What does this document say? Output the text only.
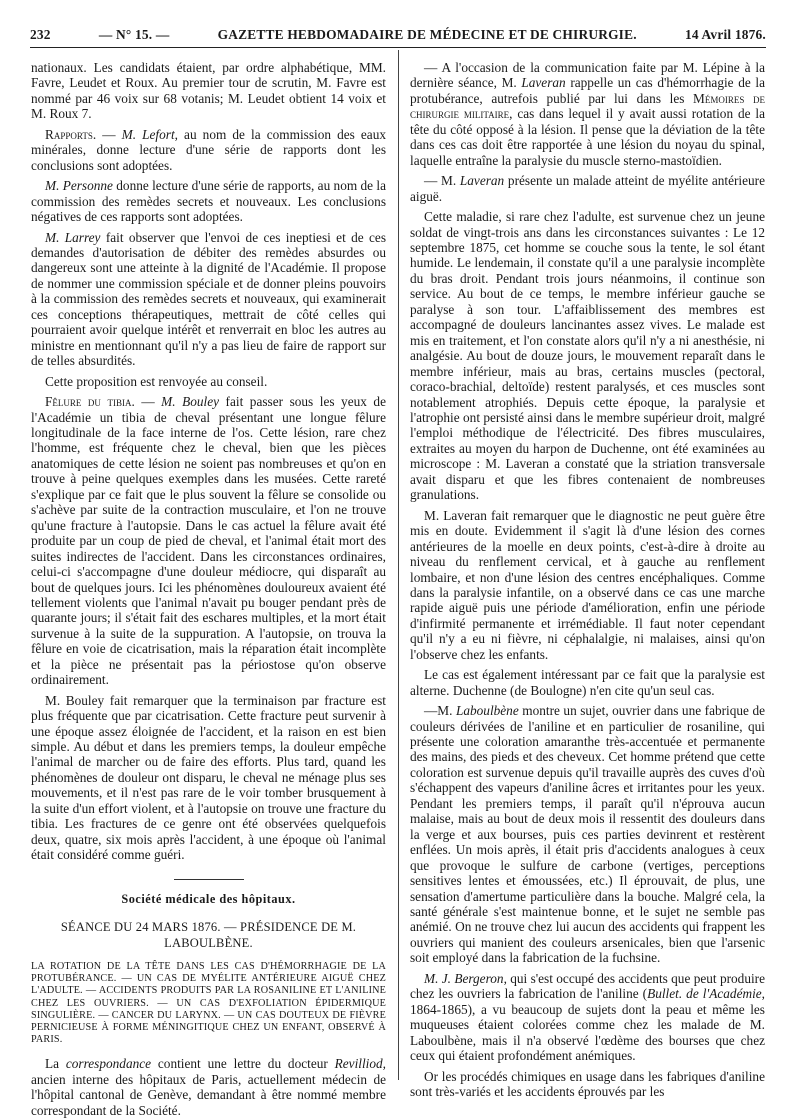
232	— N° 15. —	GAZETTE HEBDOMADAIRE DE MÉDECINE ET DE CHIRURGIE.	14 Avril 1876.

nationaux. Les candidats étaient, par ordre alphabétique, MM. Favre, Leudet et Roux. Au premier tour de scrutin, M. Favre est nommé par 46 voix sur 68 votanis; M. Leudet obtient 14 voix et M. Roux 7.

Rapports. — M. Lefort, au nom de la commission des eaux minérales, donne lecture d'une série de rapports dont les conclusions sont adoptées.

M. Personne donne lecture d'une série de rapports, au nom de la commission des remèdes secrets et nouveaux. Les conclusions négatives de ces rapports sont adoptées.

M. Larrey fait observer que l'envoi de ces ineptiesi et de ces demandes d'autorisation de débiter des remèdes absurdes ou dangereux sont une atteinte à la dignité de l'Académie. Il propose de nommer une commission spéciale et de donner pleins pouvoirs à la commission des remèdes secrets et nouveaux, qui examinerait ces conceptions thérapeutiques, mettrait de côté celles qui pourraient avoir quelque intérêt et renverrait en bloc les autres au ministre en mentionnant qu'il n'y a pas lieu de faire de rapport sur de telles absurdités.

Cette proposition est renvoyée au conseil.

Fêlure du tibia. — M. Bouley fait passer sous les yeux de l'Académie un tibia de cheval présentant une longue fêlure longitudinale de la face interne de l'os. Cette lésion, rare chez l'homme, est fréquente chez le cheval, bien que les pièces anatomiques de cette lésion ne soient pas nombreuses et qu'on en trouve à peine quelques exemples dans les musées. Cette rareté s'explique par ce fait que le plus souvent la fêlure se consolide ou s'achève par suite de la contraction musculaire, et l'on ne trouve qu'une fracture à l'autopsie. Dans le cas actuel la fêlure avait été produite par un coup de pied de cheval, et l'animal était mort des suites indirectes de l'accident. Dans les circonstances ordinaires, celui-ci s'accompagne d'une douleur médiocre, qui disparaît au bout de quelques jours. Ici les phénomènes douloureux avaient été tellement violents que l'animal n'avait pu bouger pendant près de quarante jours; il s'était fait des eschares multiples, et la mort était survenue à la suite de la suppuration. A l'autopsie, on trouva la fêlure en voie de cicatrisation, mais la réparation était incomplète et la pièce ne présentait pas la périostose qu'on observe ordinairement.

M. Bouley fait remarquer que la terminaison par fracture est plus fréquente que par cicatrisation. Cette fracture peut survenir à une époque assez éloignée de l'accident, et la raison en est bien simple. Au début et dans les premiers temps, la douleur empêche l'animal de marcher ou de faire des efforts. Plus tard, quand les phénomènes de douleur ont disparu, le cheval ne ménage plus ses mouvements, et il n'est pas rare de le voir tomber brusquement à la suite d'un effort violent, et à l'autopsie on trouve une fracture du tibia. Les fractures de ce genre ont été observées quelquefois deux, quatre, six mois après l'accident, à une époque où l'animal était considéré comme guéri.

Société médicale des hôpitaux.
SÉANCE DU 24 MARS 1876. — PRÉSIDENCE DE M. LABOULBÈNE.
LA ROTATION DE LA TÊTE DANS LES CAS D'HÉMORRHAGIE DE LA PROTUBÉRANCE. — UN CAS DE MYÉLITE ANTÉRIEURE AIGUË CHEZ L'ADULTE. — ACCIDENTS PRODUITS PAR LA ROSANILINE ET L'ANILINE CHEZ LES OUVRIERS. — UN CAS D'EXFOLIATION ÉPIDERMIQUE SINGULIÈRE. — CANCER DU LARYNX. — UN CAS DOUTEUX DE FIÈVRE PERNICIEUSE À FORME MÉNINGITIQUE CHEZ UN ENFANT, OBSERVÉ À PARIS.

La correspondance contient une lettre du docteur Revilliod, ancien interne des hôpitaux de Paris, actuellement médecin de l'hôpital cantonal de Genève, demandant à être nommé membre correspondant de la Société.

— A l'occasion de la communication faite par M. Lépine à la dernière séance, M. Laveran rappelle un cas d'hémorrhagie de la protubérance, autrefois publié par lui dans les Mémoires de chirurgie militaire, cas dans lequel il y avait aussi rotation de la tête du côté opposé à la lésion. Il pense que la déviation de la tête dans ces cas doit être rapportée à une lésion du noyau du spinal, laquelle entraîne la paralysie du muscle sterno-mastoïdien.

— M. Laveran présente un malade atteint de myélite antérieure aiguë.

Cette maladie, si rare chez l'adulte, est survenue chez un jeune soldat de vingt-trois ans dans les circonstances suivantes : Le 12 septembre 1875, cet homme se couche sous la tente, le sol étant humide. Le lendemain, il constate qu'il a une paralysie incomplète du bras droit. Pendant trois jours néanmoins, il continue son service. Au bout de ce temps, le membre inférieur gauche se paralyse à son tour. L'affaiblissement des membres est accompagné de douleurs lancinantes assez vives. Le malade est mis en traitement, et l'on constate alors qu'il n'y a ni anesthésie, ni analgésie. Au bout de douze jours, le mouvement reparaît dans le membre inférieur, mais au bras, certains muscles (pectoral, coraco-brachial, deltoïde) restent paralysés, et ces muscles sont notablement atrophiés. Depuis cette époque, la paralysie et l'atrophie ont persisté ainsi dans le membre supérieur droit, malgré l'emploi méthodique de l'électricité. Des fibres musculaires, extraites au moyen du harpon de Duchenne, ont été examinées au microscope : M. Laveran a constaté que la striation transversale avait disparu et que les fibres contenaient de nombreuses granulations.

M. Laveran fait remarquer que le diagnostic ne peut guère être mis en doute. Evidemment il s'agit là d'une lésion des cornes antérieures de la moelle en deux points, c'est-à-dire à droite au niveau du renflement cervical, et à gauche au renflement lombaire, et non d'une lésion des centres encéphaliques. Comme dans la paralysie infantile, on a observé dans ce cas une marche rapide aiguë puis une période d'amélioration, enfin une période d'infirmité permanente et irrémédiable. Il faut noter cependant qu'il n'y a eu ni fièvre, ni céphalalgie, ni malaises, ainsi qu'on l'observe chez les enfants.

Le cas est également intéressant par ce fait que la paralysie est alterne. Duchenne (de Boulogne) n'en cite qu'un seul cas.

—M. Laboulbène montre un sujet, ouvrier dans une fabrique de couleurs dérivées de l'aniline et en particulier de rosaniline, qui présente une coloration amaranthe très-accentuée et permanente des mains, des pieds et des cheveux. Cet homme prétend que cette coloration est survenue depuis qu'il travaille auprès des cuves d'où s'échappent des vapeurs d'aniline âcres et irritantes pour les yeux. Pendant les premiers temps, il paraît qu'il n'éprouva aucun malaise, mais au bout de deux mois il ressentit des douleurs dans la verge et aux bourses, puis ces parties devinrent et restèrent enflées. Un mois après, il était pris d'accidents analogues à ceux que provoque le sulfure de carbone (vertiges, perceptions sensitives lentes et émoussées, etc.) Il éprouvait, de plus, une sensation d'amertume particulière dans la bouche. Malgré cela, la santé générale s'est maintenue bonne, et le sujet ne semble pas anémié. On ne trouve chez lui aucun des accidents qui frappent les ouvriers qui manient des couleurs arsenicales, bien que l'arsenic soit employé dans la fabrication de la fuchsine.

M. J. Bergeron, qui s'est occupé des accidents que peut produire chez les ouvriers la fabrication de l'aniline (Bullet. de l'Académie, 1864-1865), a vu beaucoup de sujets dont la peau et même les muqueuses étaient colorées comme chez les malade de M. Laboulbène, mais il n'a observé l'œdème des bourses que chez ceux qui étaient profondément anémiques.

Or les procédés chimiques en usage dans les fabriques d'aniline sont très-variés et les accidents éprouvés par les
